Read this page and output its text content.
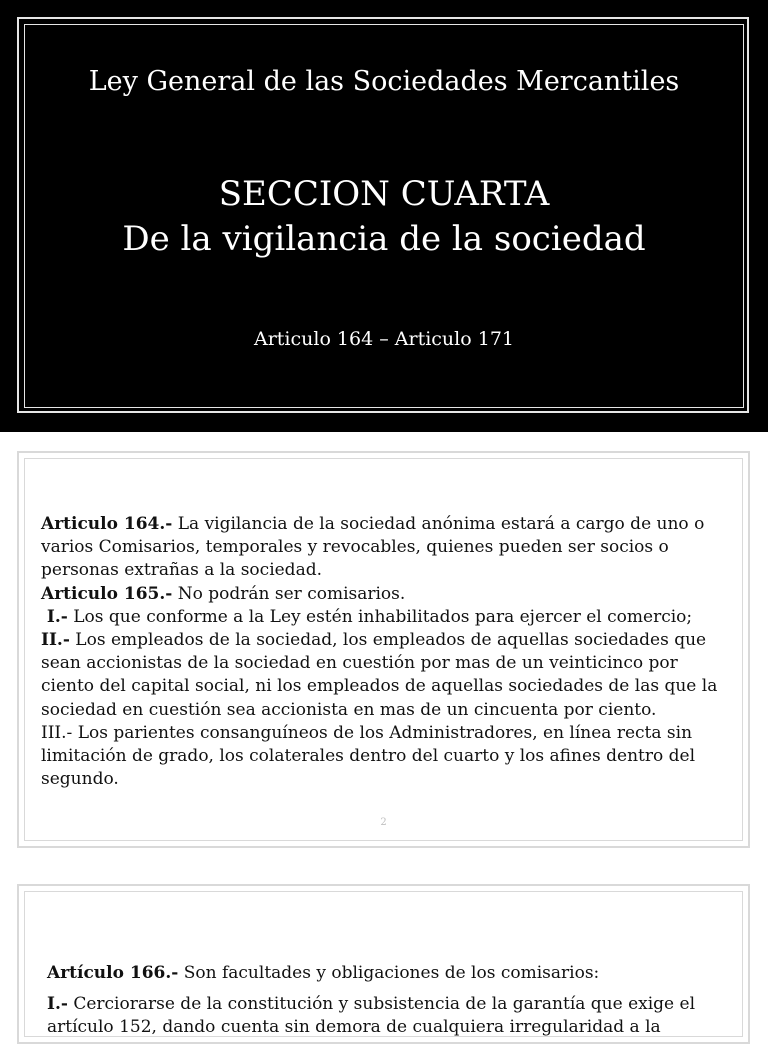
Ley General de las Sociedades Mercantiles
SECCION CUARTA
De la vigilancia de la sociedad
Articulo 164 – Articulo 171

Articulo 164.- La vigilancia de la sociedad anónima estará a cargo de uno o varios Comisarios, temporales y revocables, quienes pueden ser socios o personas extrañas a la sociedad.

Articulo 165.- No podrán ser comisarios.

I.- Los que conforme a la Ley estén inhabilitados para ejercer el comercio;

II.- Los empleados de la sociedad, los empleados de aquellas sociedades que sean accionistas de la sociedad en cuestión por mas de un veinticinco por ciento del capital social, ni los empleados de aquellas sociedades de las que la sociedad en cuestión sea accionista en mas de un cincuenta por ciento.

III.- Los parientes consanguíneos de los Administradores, en línea recta sin limitación de grado, los colaterales dentro del cuarto y los afines dentro del segundo.

2

Artículo 166.- Son facultades y obligaciones de los comisarios:

I.- Cerciorarse de la constitución y subsistencia de la garantía que exige el artículo 152, dando cuenta sin demora de cualquiera irregularidad a la
